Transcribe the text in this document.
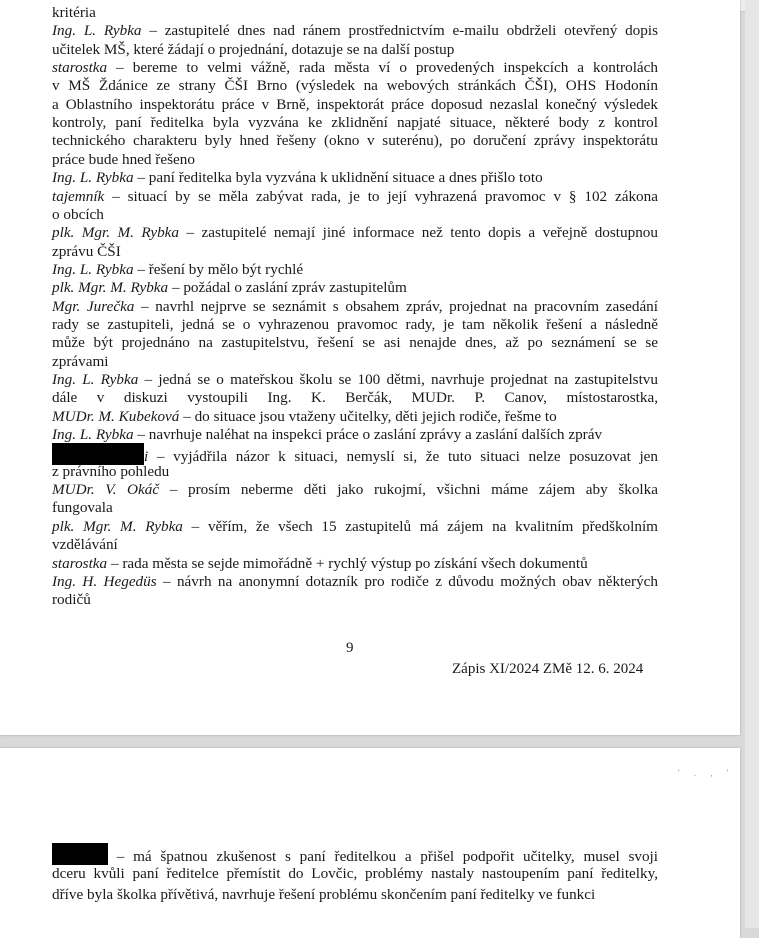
kritéria
Ing. L. Rybka – zastupitelé dnes nad ránem prostřednictvím e-mailu obdrželi otevřený dopis
učitelek MŠ, které žádají o projednání, dotazuje se na další postup
starostka – bereme to velmi vážně, rada města ví o provedených inspekcích a kontrolách
v MŠ Ždánice ze strany ČŠI Brno (výsledek na webových stránkách ČŠI), OHS Hodonín
a Oblastního inspektorátu práce v Brně, inspektorát práce doposud nezaslal konečný výsledek
kontroly, paní ředitelka byla vyzvána ke zklidnění napjaté situace, některé body z kontrol
technického charakteru byly hned řešeny (okno v suterénu), po doručení zprávy inspektorátu
práce bude hned řešeno
Ing. L. Rybka – paní ředitelka byla vyzvána k uklidnění situace a dnes přišlo toto
tajemník – situací by se měla zabývat rada, je to její vyhrazená pravomoc v § 102 zákona
o obcích
plk. Mgr. M. Rybka – zastupitelé nemají jiné informace než tento dopis a veřejně dostupnou
zprávu ČŠI
Ing. L. Rybka – řešení by mělo být rychlé
plk. Mgr. M. Rybka – požádal o zaslání zpráv zastupitelům
Mgr. Jurečka – navrhl nejprve se seznámit s obsahem zpráv, projednat na pracovním zasedání
rady se zastupiteli, jedná se o vyhrazenou pravomoc rady, je tam několik řešení a následně
může být projednáno na zastupitelstvu, řešení se asi nenajde dnes, až po seznámení se se
zprávami
Ing. L. Rybka – jedná se o mateřskou školu se 100 dětmi, navrhuje projednat na zastupitelstvu
dále v diskuzi vystoupili Ing. K. Berčák, MUDr. P. Canov, místostarostka,
MUDr. M. Kubeková – do situace jsou vtaženy učitelky, děti jejich rodiče, řešme to
Ing. L. Rybka – navrhuje naléhat na inspekci práce o zaslání zprávy a zaslání dalších zpráv
i – vyjádřila názor k situaci, nemyslí si, že tuto situaci nelze posuzovat jen
z právního pohledu
MUDr. V. Okáč – prosím neberme děti jako rukojmí, všichni máme zájem aby školka
fungovala
plk. Mgr. M. Rybka – věřím, že všech 15 zastupitelů má zájem na kvalitním předškolním
vzdělávání
starostka – rada města se sejde mimořádně + rychlý výstup po získání všech dokumentů
Ing. H. Hegedüs – návrh na anonymní dotazník pro rodiče z důvodu možných obav některých
rodičů
9
Zápis XI/2024 ZMě 12. 6. 2024
' . , '
– má špatnou zkušenost s paní ředitelkou a přišel podpořit učitelky, musel svoji
dceru kvůli paní ředitelce přemístit do Lovčic, problémy nastaly nastoupením paní ředitelky,
dříve byla školka přívětivá, navrhuje řešení problému skončením paní ředitelky ve funkci
